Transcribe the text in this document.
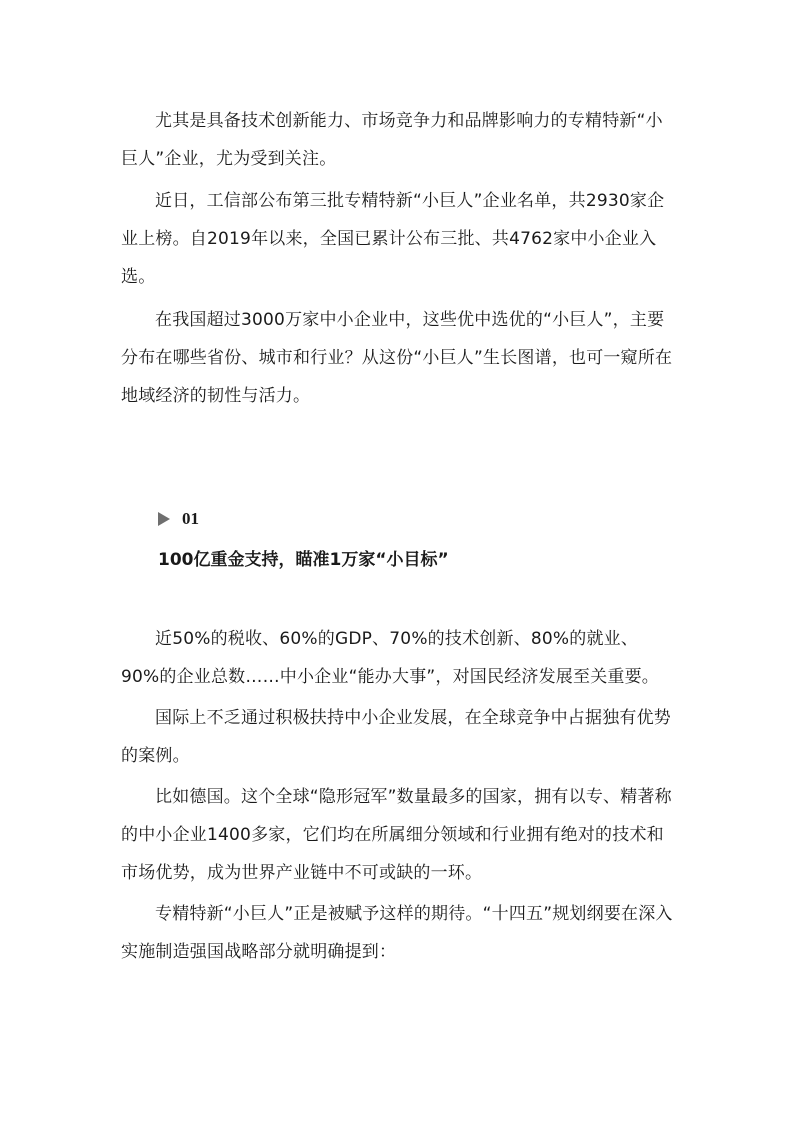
尤其是具备技术创新能力、市场竞争力和品牌影响力的专精特新“小巨人”企业，尤为受到关注。

近日，工信部公布第三批专精特新“小巨人”企业名单，共2930家企业上榜。自2019年以来，全国已累计公布三批、共4762家中小企业入选。

在我国超过3000万家中小企业中，这些优中选优的“小巨人”，主要分布在哪些省份、城市和行业？从这份“小巨人”生长图谱，也可一窥所在地域经济的韧性与活力。

01
100亿重金支持，瞄准1万家“小目标”

近50%的税收、60%的GDP、70%的技术创新、80%的就业、90%的企业总数……中小企业“能办大事”，对国民经济发展至关重要。

国际上不乏通过积极扶持中小企业发展，在全球竞争中占据独有优势的案例。

比如德国。这个全球“隐形冠军”数量最多的国家，拥有以专、精著称的中小企业1400多家，它们均在所属细分领域和行业拥有绝对的技术和市场优势，成为世界产业链中不可或缺的一环。

专精特新“小巨人”正是被赋予这样的期待。“十四五”规划纲要在深入实施制造强国战略部分就明确提到：
